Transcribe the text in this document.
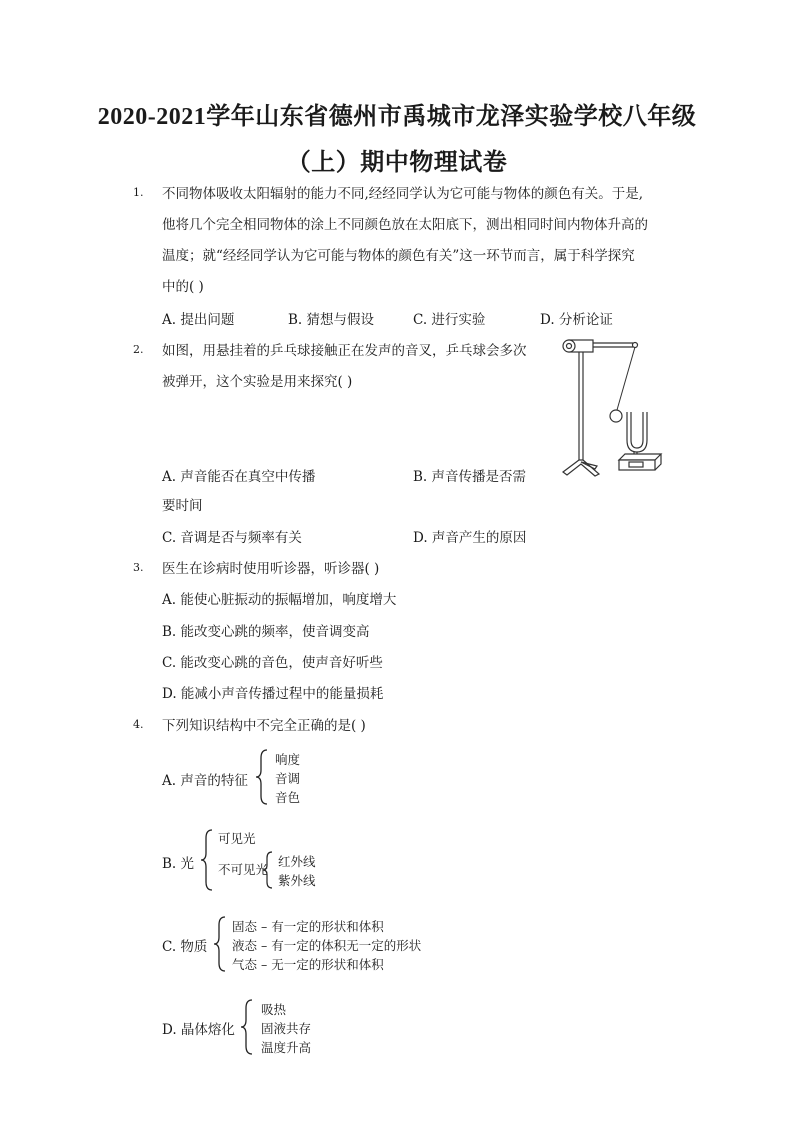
2020-2021学年山东省德州市禹城市龙泽实验学校八年级
（上）期中物理试卷
1. 不同物体吸收太阳辐射的能力不同,经经同学认为它可能与物体的颜色有关。于是,
他将几个完全相同物体的涂上不同颜色放在太阳底下，测出相同时间内物体升高的
温度；就“经经同学认为它可能与物体的颜色有关”这一环节而言，属于科学探究
中的( )
A. 提出问题	B. 猜想与假设	C. 进行实验	D. 分析论证
2. 如图，用悬挂着的乒乓球接触正在发声的音叉，乒乓球会多次
被弹开，这个实验是用来探究( )
A. 声音能否在真空中传播	B. 声音传播是否需
要时间
C. 音调是否与频率有关	D. 声音产生的原因
3. 医生在诊病时使用听诊器，听诊器( )
A. 能使心脏振动的振幅增加，响度增大
B. 能改变心跳的频率，使音调变高
C. 能改变心跳的音色，使声音好听些
D. 能减小声音传播过程中的能量损耗
4. 下列知识结构中不完全正确的是( )
A. 声音的特征
响度
音调
音色
B. 光
可见光
不可见光
红外线
紫外线
C. 物质
固态 – 有一定的形状和体积
液态 – 有一定的体积无一定的形状
气态 – 无一定的形状和体积
D. 晶体熔化
吸热
固液共存
温度升高
